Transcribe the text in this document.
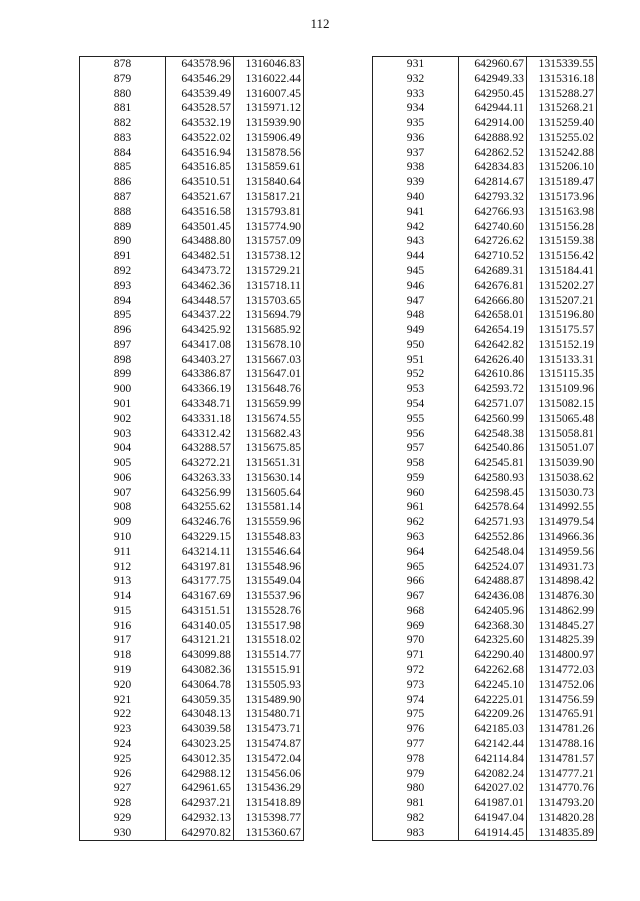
112
878	643578.96	1316046.83
879	643546.29	1316022.44
880	643539.49	1316007.45
881	643528.57	1315971.12
882	643532.19	1315939.90
883	643522.02	1315906.49
884	643516.94	1315878.56
885	643516.85	1315859.61
886	643510.51	1315840.64
887	643521.67	1315817.21
888	643516.58	1315793.81
889	643501.45	1315774.90
890	643488.80	1315757.09
891	643482.51	1315738.12
892	643473.72	1315729.21
893	643462.36	1315718.11
894	643448.57	1315703.65
895	643437.22	1315694.79
896	643425.92	1315685.92
897	643417.08	1315678.10
898	643403.27	1315667.03
899	643386.87	1315647.01
900	643366.19	1315648.76
901	643348.71	1315659.99
902	643331.18	1315674.55
903	643312.42	1315682.43
904	643288.57	1315675.85
905	643272.21	1315651.31
906	643263.33	1315630.14
907	643256.99	1315605.64
908	643255.62	1315581.14
909	643246.76	1315559.96
910	643229.15	1315548.83
911	643214.11	1315546.64
912	643197.81	1315548.96
913	643177.75	1315549.04
914	643167.69	1315537.96
915	643151.51	1315528.76
916	643140.05	1315517.98
917	643121.21	1315518.02
918	643099.88	1315514.77
919	643082.36	1315515.91
920	643064.78	1315505.93
921	643059.35	1315489.90
922	643048.13	1315480.71
923	643039.58	1315473.71
924	643023.25	1315474.87
925	643012.35	1315472.04
926	642988.12	1315456.06
927	642961.65	1315436.29
928	642937.21	1315418.89
929	642932.13	1315398.77
930	642970.82	1315360.67
931	642960.67	1315339.55
932	642949.33	1315316.18
933	642950.45	1315288.27
934	642944.11	1315268.21
935	642914.00	1315259.40
936	642888.92	1315255.02
937	642862.52	1315242.88
938	642834.83	1315206.10
939	642814.67	1315189.47
940	642793.32	1315173.96
941	642766.93	1315163.98
942	642740.60	1315156.28
943	642726.62	1315159.38
944	642710.52	1315156.42
945	642689.31	1315184.41
946	642676.81	1315202.27
947	642666.80	1315207.21
948	642658.01	1315196.80
949	642654.19	1315175.57
950	642642.82	1315152.19
951	642626.40	1315133.31
952	642610.86	1315115.35
953	642593.72	1315109.96
954	642571.07	1315082.15
955	642560.99	1315065.48
956	642548.38	1315058.81
957	642540.86	1315051.07
958	642545.81	1315039.90
959	642580.93	1315038.62
960	642598.45	1315030.73
961	642578.64	1314992.55
962	642571.93	1314979.54
963	642552.86	1314966.36
964	642548.04	1314959.56
965	642524.07	1314931.73
966	642488.87	1314898.42
967	642436.08	1314876.30
968	642405.96	1314862.99
969	642368.30	1314845.27
970	642325.60	1314825.39
971	642290.40	1314800.97
972	642262.68	1314772.03
973	642245.10	1314752.06
974	642225.01	1314756.59
975	642209.26	1314765.91
976	642185.03	1314781.26
977	642142.44	1314788.16
978	642114.84	1314781.57
979	642082.24	1314777.21
980	642027.02	1314770.76
981	641987.01	1314793.20
982	641947.04	1314820.28
983	641914.45	1314835.89
